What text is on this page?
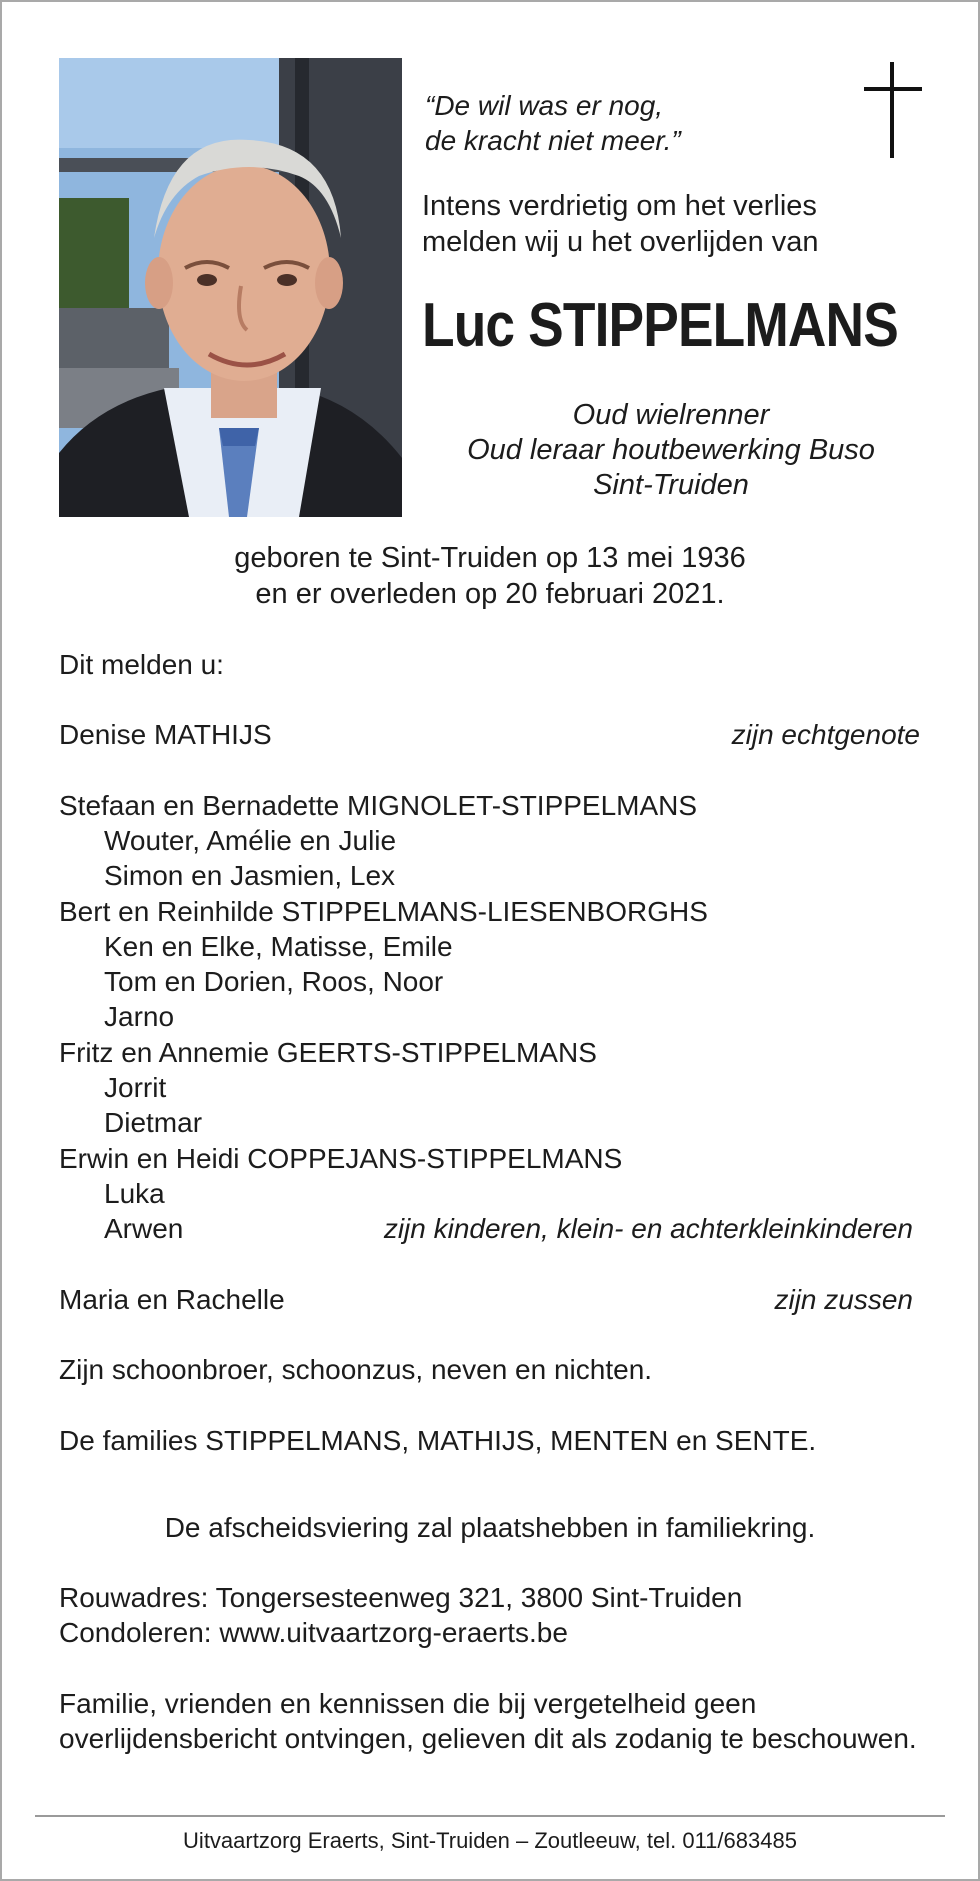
“De wil was er nog,
de kracht niet meer.”
Intens verdrietig om het verlies
melden wij u het overlijden van
Luc STIPPELMANS
Oud wielrenner
Oud leraar houtbewerking Buso
Sint-Truiden
geboren te Sint-Truiden op 13 mei 1936
en er overleden op 20 februari 2021.
Dit melden u:
Denise MATHIJS	zijn echtgenote
Stefaan en Bernadette MIGNOLET-STIPPELMANS
Wouter, Amélie en Julie
Simon en Jasmien, Lex
Bert en Reinhilde STIPPELMANS-LIESENBORGHS
Ken en Elke, Matisse, Emile
Tom en Dorien, Roos, Noor
Jarno
Fritz en Annemie GEERTS-STIPPELMANS
Jorrit
Dietmar
Erwin en Heidi COPPEJANS-STIPPELMANS
Luka
Arwen	zijn kinderen, klein- en achterkleinkinderen
Maria en Rachelle	zijn zussen
Zijn schoonbroer, schoonzus, neven en nichten.
De families STIPPELMANS, MATHIJS, MENTEN en SENTE.
De afscheidsviering zal plaatshebben in familiekring.
Rouwadres: Tongersesteenweg 321, 3800 Sint-Truiden
Condoleren: www.uitvaartzorg-eraerts.be
Familie, vrienden en kennissen die bij vergetelheid geen overlijdensbericht ontvingen, gelieven dit als zodanig te beschouwen.
Uitvaartzorg Eraerts, Sint-Truiden – Zoutleeuw, tel. 011/683485
